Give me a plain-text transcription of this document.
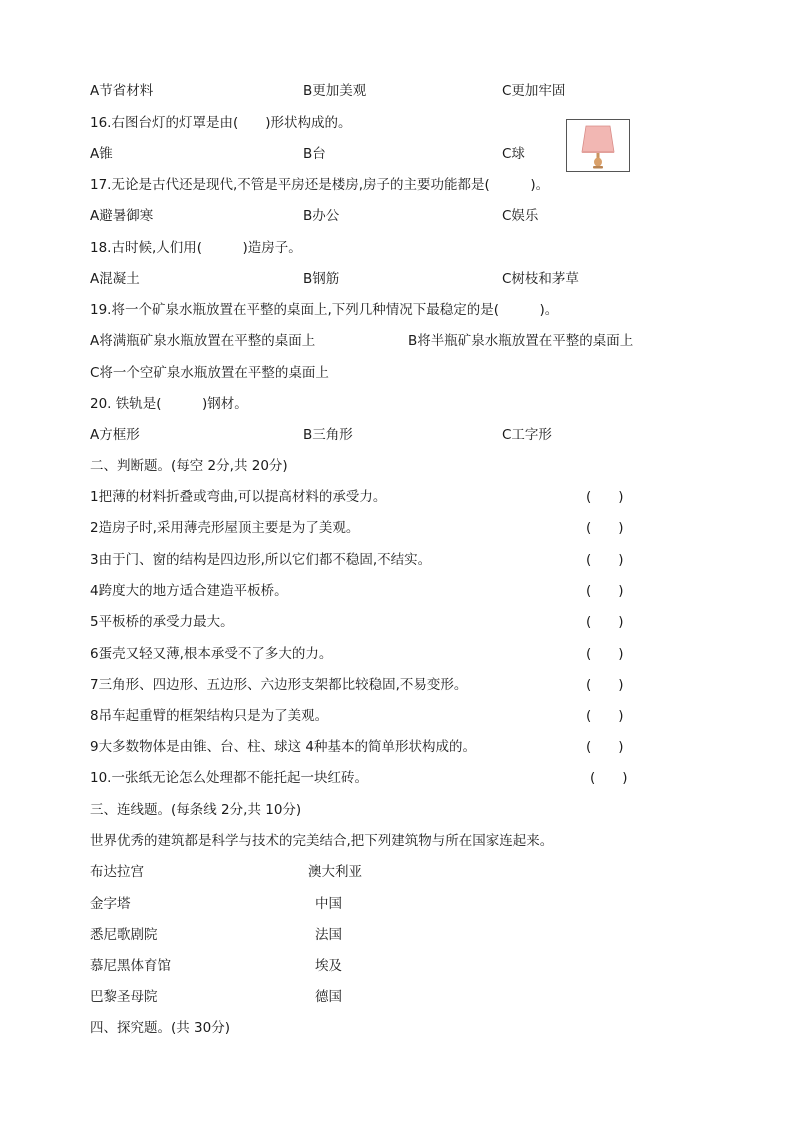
A节省材料	B更加美观	C更加牢固
16.右图台灯的灯罩是由(　　)形状构成的。
A锥	B台	C球
17.无论是古代还是现代,不管是平房还是楼房,房子的主要功能都是(　　　)。
A避暑御寒	B办公	C娱乐
18.古时候,人们用(　　　)造房子。
A混凝土	B钢筋	C树枝和茅草
19.将一个矿泉水瓶放置在平整的桌面上,下列几种情况下最稳定的是(　　　)。
A将满瓶矿泉水瓶放置在平整的桌面上	B将半瓶矿泉水瓶放置在平整的桌面上
C将一个空矿泉水瓶放置在平整的桌面上
20. 铁轨是(　　　)钢材。
A方框形	B三角形	C工字形
二、判断题。(每空 2分,共 20分)
1把薄的材料折叠或弯曲,可以提高材料的承受力。	(　　)
2造房子时,采用薄壳形屋顶主要是为了美观。	(　　)
3由于门、窗的结构是四边形,所以它们都不稳固,不结实。	(　　)
4跨度大的地方适合建造平板桥。	(　　)
5平板桥的承受力最大。	(　　)
6蛋壳又轻又薄,根本承受不了多大的力。	(　　)
7三角形、四边形、五边形、六边形支架都比较稳固,不易变形。	(　　)
8吊车起重臂的框架结构只是为了美观。	(　　)
9大多数物体是由锥、台、柱、球这 4种基本的简单形状构成的。	(　　)
10.一张纸无论怎么处理都不能托起一块红砖。	(　　)
三、连线题。(每条线 2分,共 10分)
世界优秀的建筑都是科学与技术的完美结合,把下列建筑物与所在国家连起来。
布达拉宫	澳大利亚
金字塔	中国
悉尼歌剧院	法国
慕尼黑体育馆	埃及
巴黎圣母院	德国
四、探究题。(共 30分)
